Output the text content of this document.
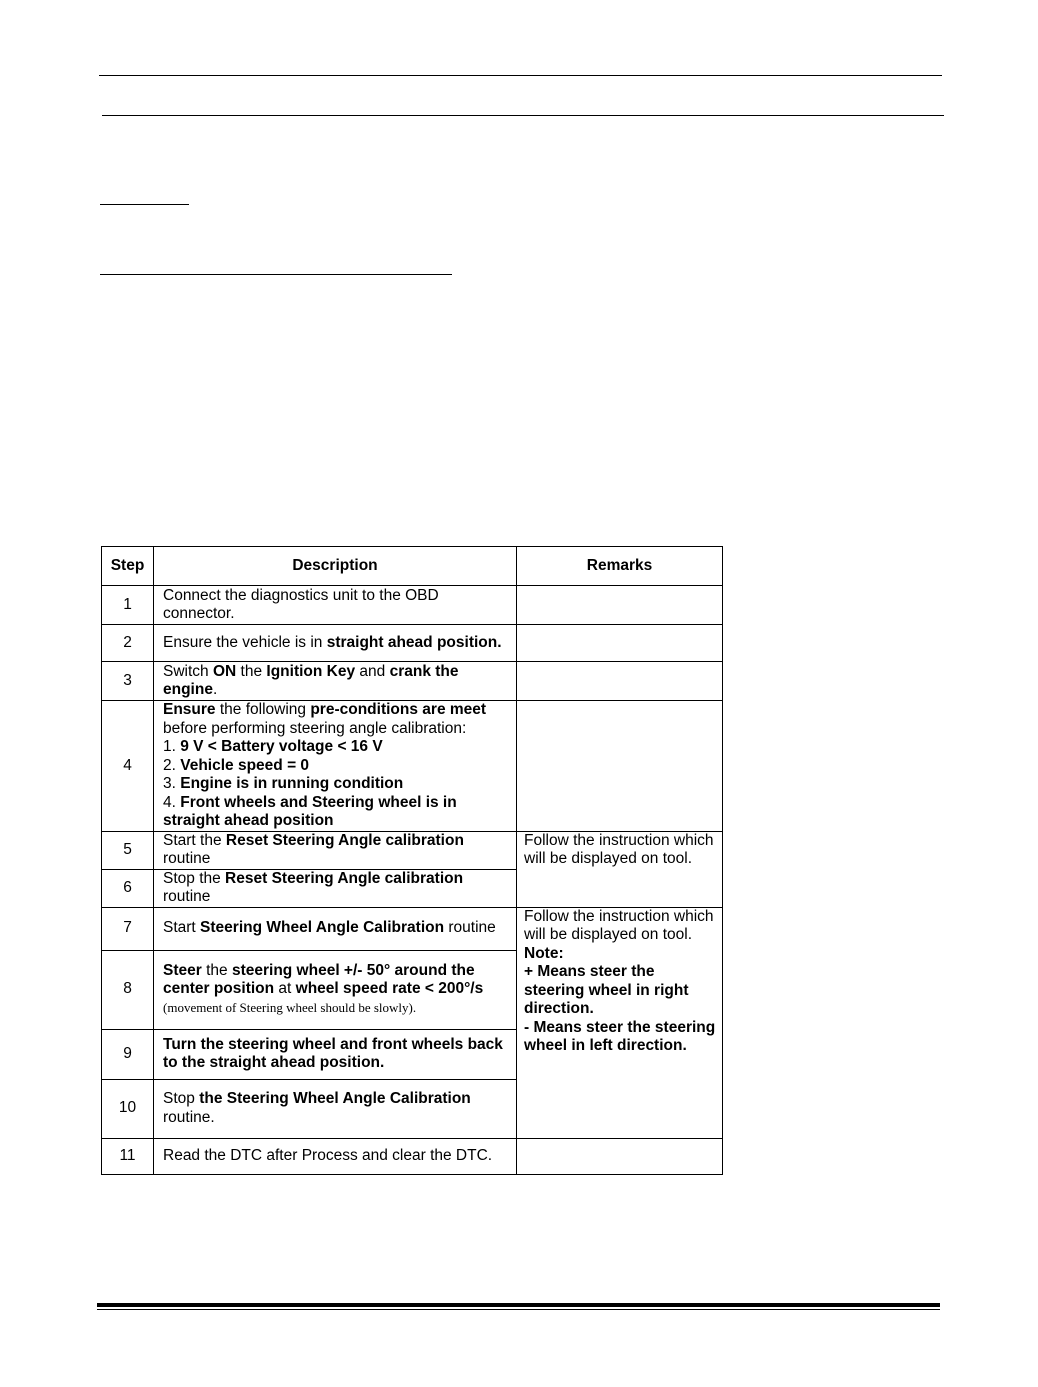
Step	Description	Remarks
1	Connect the diagnostics unit to the OBD connector.	
2	Ensure the vehicle is in straight ahead position.	
3	Switch ON the Ignition Key and crank the engine.	
4	Ensure the following pre-conditions are meet before performing steering angle calibration:
1. 9 V < Battery voltage < 16 V
2. Vehicle speed = 0
3. Engine is in running condition
4. Front wheels and Steering wheel is in straight ahead position	
5	Start the Reset Steering Angle calibration routine	Follow the instruction which will be displayed on tool.
6	Stop the Reset Steering Angle calibration routine	
7	Start Steering Wheel Angle Calibration routine	Follow the instruction which will be displayed on tool.
Note:
+ Means steer the steering wheel in right direction.
- Means steer the steering wheel in left direction.
8	Steer the steering wheel +/- 50° around the center position at wheel speed rate < 200°/s (movement of Steering wheel should be slowly).	
9	Turn the steering wheel and front wheels back to the straight ahead position.	
10	Stop the Steering Wheel Angle Calibration routine.	
11	Read the DTC after Process and clear the DTC.	
